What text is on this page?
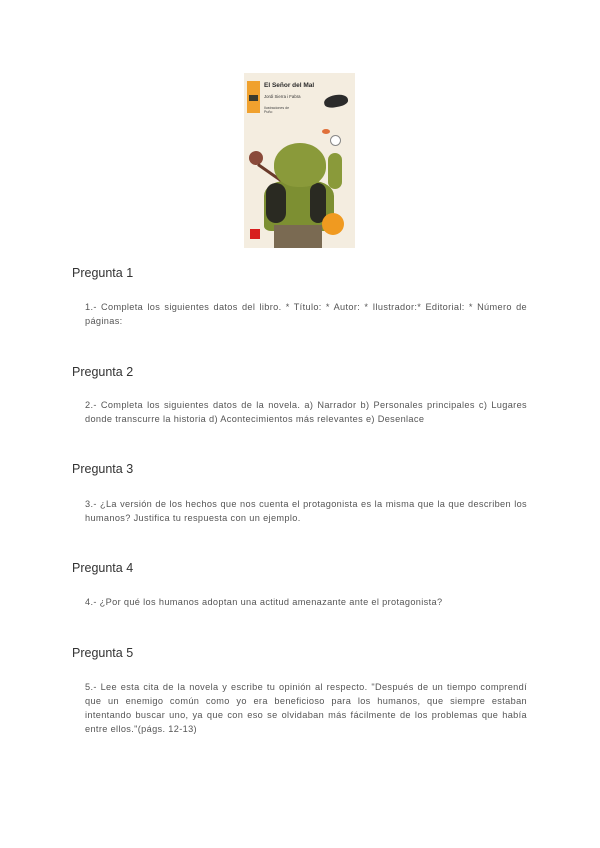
El Señor del Mal
Jordi Sierra i Fabra
Ilustraciones de Puño
Pregunta 1
1.- Completa los siguientes datos del libro. * Título: * Autor: * Ilustrador:* Editorial: * Número de páginas:
Pregunta 2
2.- Completa los siguientes datos de la novela. a) Narrador b) Personales principales c) Lugares donde transcurre la historia d) Acontecimientos más relevantes e) Desenlace
Pregunta 3
3.- ¿La versión de los hechos que nos cuenta el protagonista es la misma que la que describen los humanos? Justifica tu respuesta con un ejemplo.
Pregunta 4
4.- ¿Por qué los humanos adoptan una actitud amenazante ante el protagonista?
Pregunta 5
5.- Lee esta cita de la novela y escribe tu opinión al respecto. "Después de un tiempo comprendí que un enemigo común como yo era beneficioso para los humanos, que siempre estaban intentando buscar uno, ya que con eso se olvidaban más fácilmente de los problemas que había entre ellos."(págs. 12-13)
